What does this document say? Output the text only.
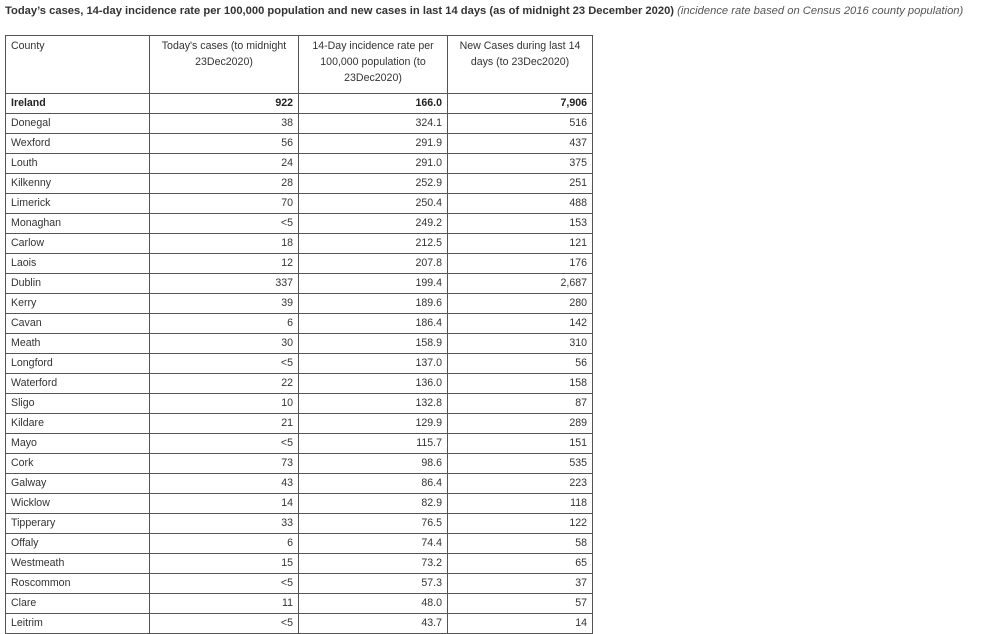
Today’s cases, 14-day incidence rate per 100,000 population and new cases in last 14 days (as of midnight 23 December 2020) (incidence rate based on Census 2016 county population)
County	Today's cases (to midnight 23Dec2020)	14-Day incidence rate per 100,000 population (to 23Dec2020)	New Cases during last 14 days (to 23Dec2020)
Ireland	922	166.0	7,906
Donegal	38	324.1	516
Wexford	56	291.9	437
Louth	24	291.0	375
Kilkenny	28	252.9	251
Limerick	70	250.4	488
Monaghan	<5	249.2	153
Carlow	18	212.5	121
Laois	12	207.8	176
Dublin	337	199.4	2,687
Kerry	39	189.6	280
Cavan	6	186.4	142
Meath	30	158.9	310
Longford	<5	137.0	56
Waterford	22	136.0	158
Sligo	10	132.8	87
Kildare	21	129.9	289
Mayo	<5	115.7	151
Cork	73	98.6	535
Galway	43	86.4	223
Wicklow	14	82.9	118
Tipperary	33	76.5	122
Offaly	6	74.4	58
Westmeath	15	73.2	65
Roscommon	<5	57.3	37
Clare	11	48.0	57
Leitrim	<5	43.7	14
